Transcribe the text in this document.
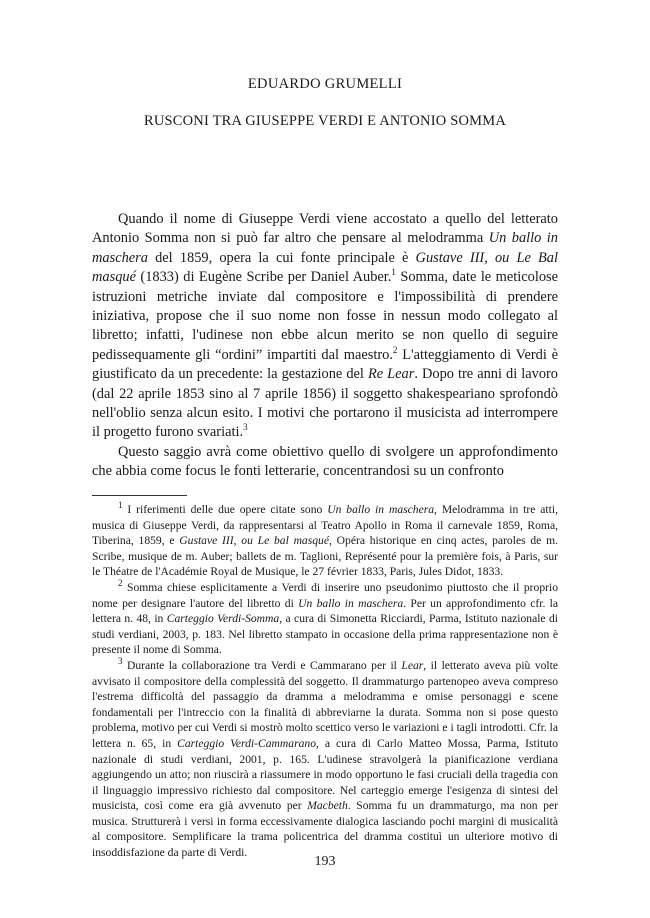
EDUARDO GRUMELLI
RUSCONI TRA GIUSEPPE VERDI E ANTONIO SOMMA

Quando il nome di Giuseppe Verdi viene accostato a quello del letterato Antonio Somma non si può far altro che pensare al melodramma Un ballo in maschera del 1859, opera la cui fonte principale è Gustave III, ou Le Bal masqué (1833) di Eugène Scribe per Daniel Auber.$^1$ Somma, date le meticolose istruzioni metriche inviate dal compositore e l'impossibilità di prendere iniziativa, propose che il suo nome non fosse in nessun modo collegato al libretto; infatti, l'udinese non ebbe alcun merito se non quello di seguire pedissequamente gli “ordini” impartiti dal maestro.$^2$ L'atteggiamento di Verdi è giustificato da un precedente: la gestazione del Re Lear. Dopo tre anni di lavoro (dal 22 aprile 1853 sino al 7 aprile 1856) il soggetto shakespeariano sprofondò nell'oblio senza alcun esito. I motivi che portarono il musicista ad interrompere il progetto furono svariati.$^3$

Questo saggio avrà come obiettivo quello di svolgere un approfondimento che abbia come focus le fonti letterarie, concentrandosi su un confronto

$^1$ I riferimenti delle due opere citate sono Un ballo in maschera, Melodramma in tre atti, musica di Giuseppe Verdi, da rappresentarsi al Teatro Apollo in Roma il carnevale 1859, Roma, Tiberina, 1859, e Gustave III, ou Le bal masqué, Opéra historique en cinq actes, paroles de m. Scribe, musique de m. Auber; ballets de m. Taglioni, Représenté pour la première fois, à Paris, sur le Théatre de l'Académie Royal de Musique, le 27 février 1833, Paris, Jules Didot, 1833.

$^2$ Somma chiese esplicitamente a Verdi di inserire uno pseudonimo piuttosto che il proprio nome per designare l'autore del libretto di Un ballo in maschera. Per un approfondimento cfr. la lettera n. 48, in Carteggio Verdi-Somma, a cura di Simonetta Ricciardi, Parma, Istituto nazionale di studi verdiani, 2003, p. 183. Nel libretto stampato in occasione della prima rappresentazione non è presente il nome di Somma.

$^3$ Durante la collaborazione tra Verdi e Cammarano per il Lear, il letterato aveva più volte avvisato il compositore della complessità del soggetto. Il drammaturgo partenopeo aveva compreso l'estrema difficoltà del passaggio da dramma a melodramma e omise personaggi e scene fondamentali per l'intreccio con la finalità di abbreviarne la durata. Somma non si pose questo problema, motivo per cui Verdi si mostrò molto scettico verso le variazioni e i tagli introdotti. Cfr. la lettera n. 65, in Carteggio Verdi-Cammarano, a cura di Carlo Matteo Mossa, Parma, Istituto nazionale di studi verdiani, 2001, p. 165. L'udinese stravolgerà la pianificazione verdiana aggiungendo un atto; non riuscirà a riassumere in modo opportuno le fasi cruciali della tragedia con il linguaggio impressivo richiesto dal compositore. Nel carteggio emerge l'esigenza di sintesi del musicista, così come era già avvenuto per Macbeth. Somma fu un drammaturgo, ma non per musica. Strutturerà i versi in forma eccessivamente dialogica lasciando pochi margini di musicalità al compositore. Semplificare la trama policentrica del dramma costituì un ulteriore motivo di insoddisfazione da parte di Verdi.

193
